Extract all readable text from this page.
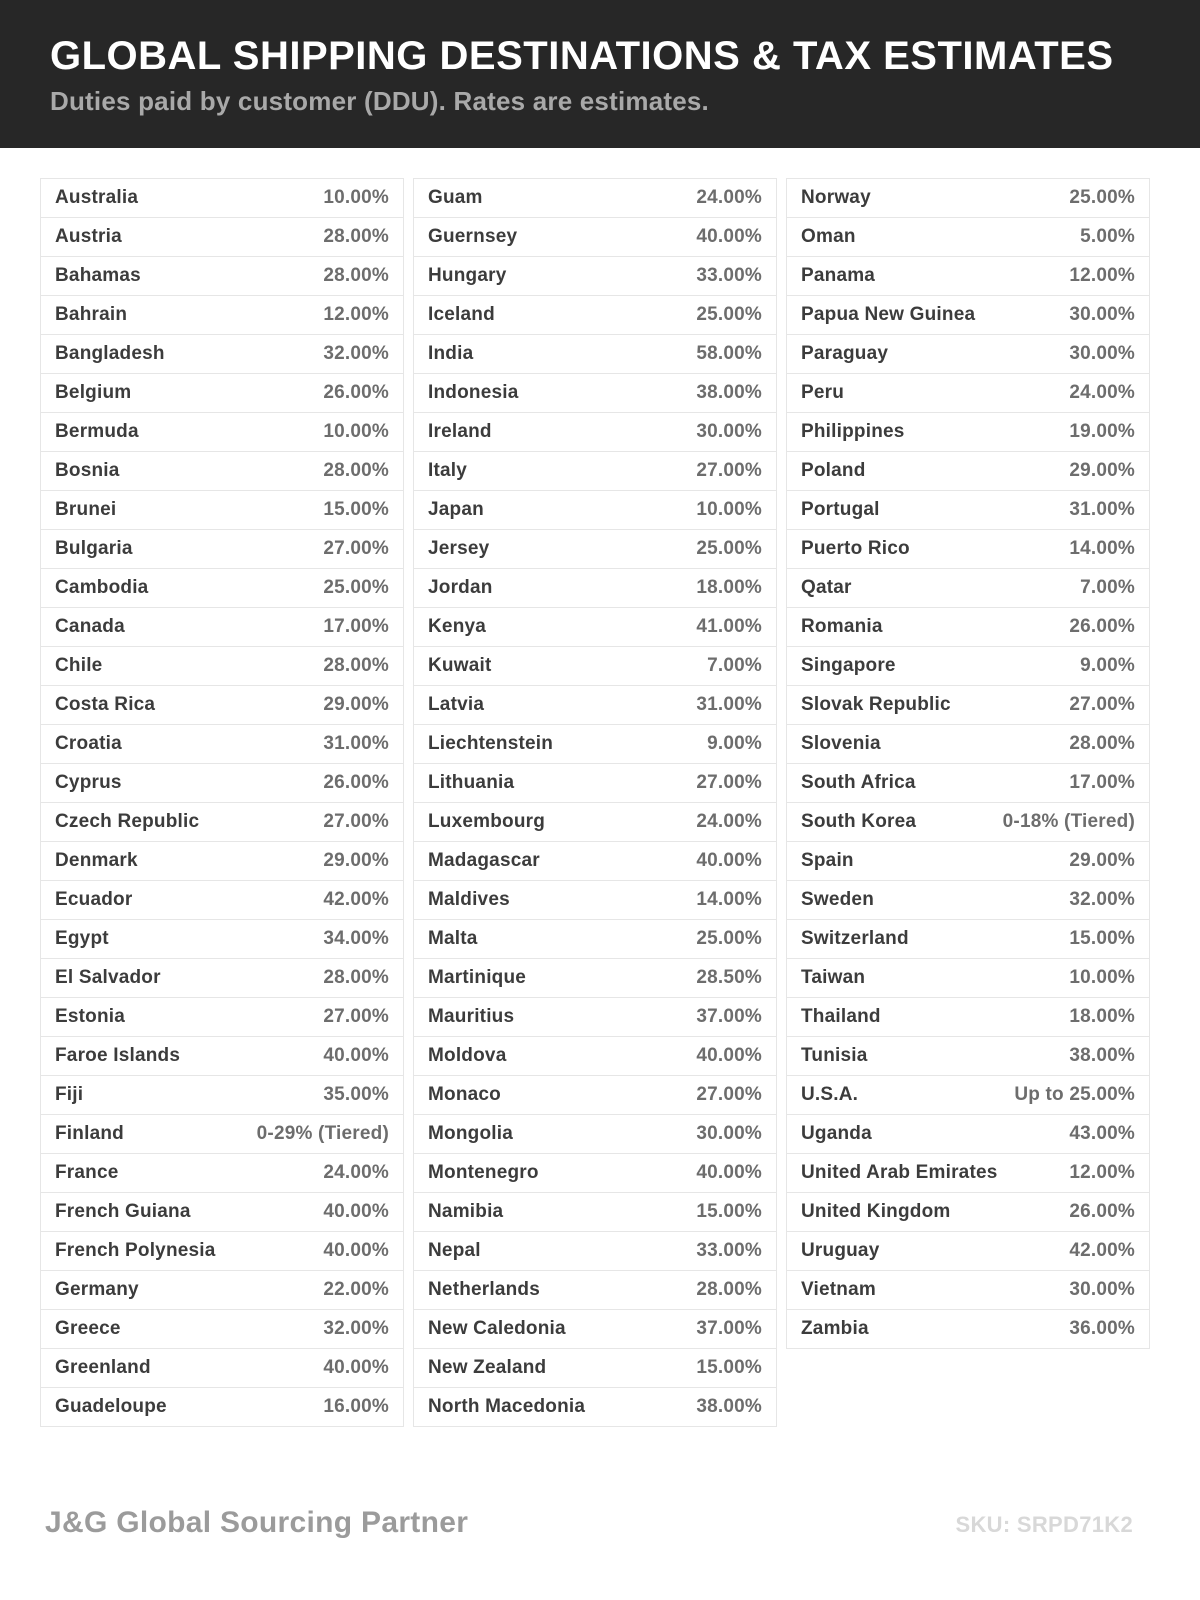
GLOBAL SHIPPING DESTINATIONS & TAX ESTIMATES
Duties paid by customer (DDU). Rates are estimates.
Australia	10.00%
Austria	28.00%
Bahamas	28.00%
Bahrain	12.00%
Bangladesh	32.00%
Belgium	26.00%
Bermuda	10.00%
Bosnia	28.00%
Brunei	15.00%
Bulgaria	27.00%
Cambodia	25.00%
Canada	17.00%
Chile	28.00%
Costa Rica	29.00%
Croatia	31.00%
Cyprus	26.00%
Czech Republic	27.00%
Denmark	29.00%
Ecuador	42.00%
Egypt	34.00%
El Salvador	28.00%
Estonia	27.00%
Faroe Islands	40.00%
Fiji	35.00%
Finland	0-29% (Tiered)
France	24.00%
French Guiana	40.00%
French Polynesia	40.00%
Germany	22.00%
Greece	32.00%
Greenland	40.00%
Guadeloupe	16.00%
Guam	24.00%
Guernsey	40.00%
Hungary	33.00%
Iceland	25.00%
India	58.00%
Indonesia	38.00%
Ireland	30.00%
Italy	27.00%
Japan	10.00%
Jersey	25.00%
Jordan	18.00%
Kenya	41.00%
Kuwait	7.00%
Latvia	31.00%
Liechtenstein	9.00%
Lithuania	27.00%
Luxembourg	24.00%
Madagascar	40.00%
Maldives	14.00%
Malta	25.00%
Martinique	28.50%
Mauritius	37.00%
Moldova	40.00%
Monaco	27.00%
Mongolia	30.00%
Montenegro	40.00%
Namibia	15.00%
Nepal	33.00%
Netherlands	28.00%
New Caledonia	37.00%
New Zealand	15.00%
North Macedonia	38.00%
Norway	25.00%
Oman	5.00%
Panama	12.00%
Papua New Guinea	30.00%
Paraguay	30.00%
Peru	24.00%
Philippines	19.00%
Poland	29.00%
Portugal	31.00%
Puerto Rico	14.00%
Qatar	7.00%
Romania	26.00%
Singapore	9.00%
Slovak Republic	27.00%
Slovenia	28.00%
South Africa	17.00%
South Korea	0-18% (Tiered)
Spain	29.00%
Sweden	32.00%
Switzerland	15.00%
Taiwan	10.00%
Thailand	18.00%
Tunisia	38.00%
U.S.A.	Up to 25.00%
Uganda	43.00%
United Arab Emirates	12.00%
United Kingdom	26.00%
Uruguay	42.00%
Vietnam	30.00%
Zambia	36.00%
J&G Global Sourcing Partner	SKU: SRPD71K2
